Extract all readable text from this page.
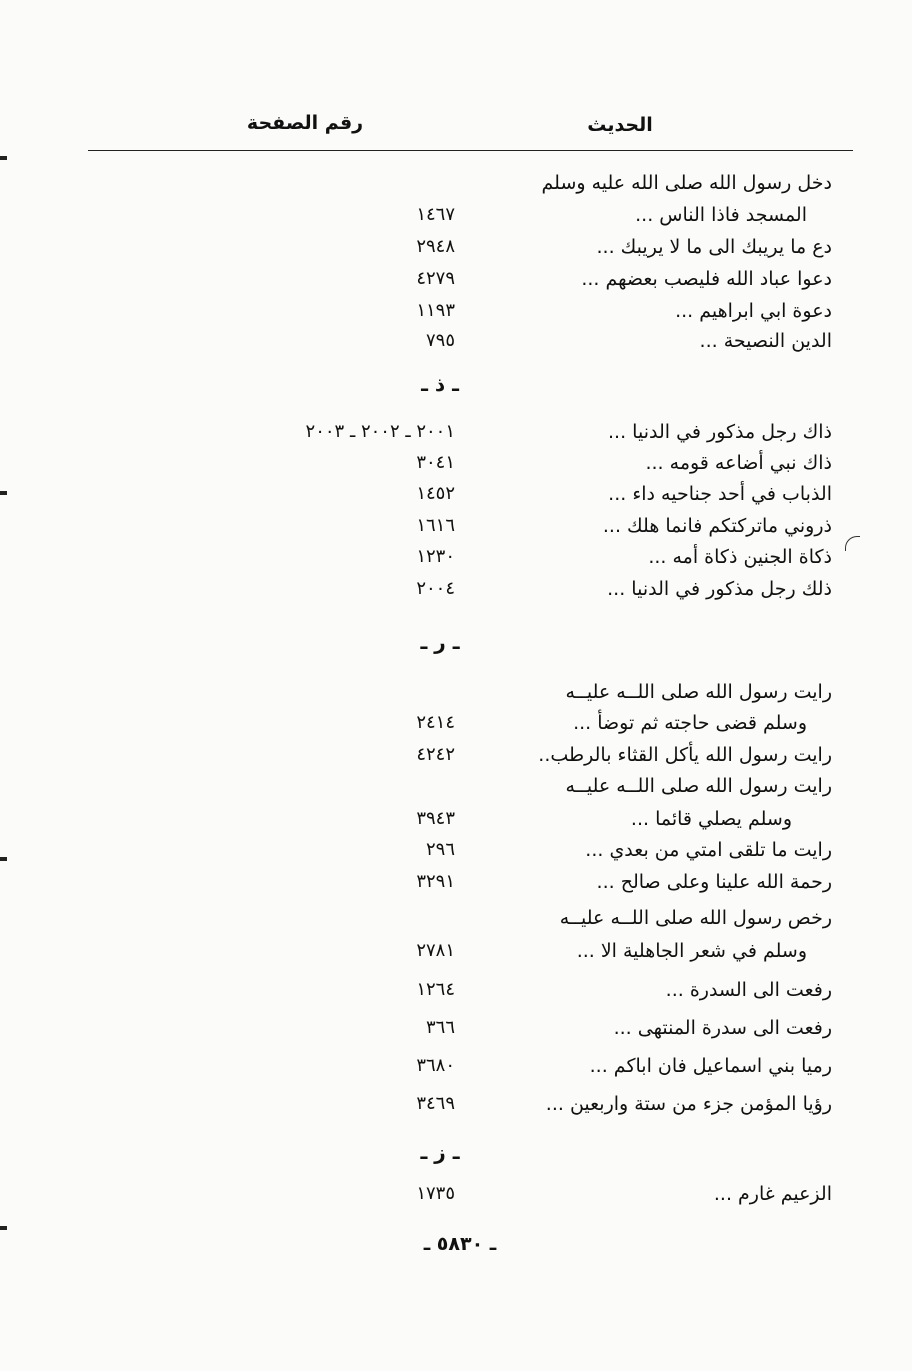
الحديث
رقم الصفحة
دخل رسول الله صلى الله عليه وسلم
المسجد فاذا الناس ...
١٤٦٧
دع ما يريبك الى ما لا يريبك ...
٢٩٤٨
دعوا عباد الله فليصب بعضهم ...
٤٢٧٩
دعوة ابي ابراهيم ...
١١٩٣
الدين النصيحة ...
٧٩٥
ـ ذ ـ
ذاك رجل مذكور في الدنيا ...
٢٠٠١ ـ ٢٠٠٢ ـ ٢٠٠٣
ذاك نبي أضاعه قومه ...
٣٠٤١
الذباب في أحد جناحيه داء ...
١٤٥٢
ذروني ماتركتكم فانما هلك ...
١٦١٦
ذكاة الجنين ذكاة أمه ...
١٢٣٠
ذلك رجل مذكور في الدنيا ...
٢٠٠٤
ـ ر ـ
رايت رسول الله صلى اللــه عليــه
وسلم قضى حاجته ثم توضأ ...
٢٤١٤
رايت رسول الله يأكل القثاء بالرطب..
٤٢٤٢
رايت رسول الله صلى اللــه عليــه
وسلم يصلي قائما ...
٣٩٤٣
رايت ما تلقى امتي من بعدي ...
٢٩٦
رحمة الله علينا وعلى صالح ...
٣٢٩١
رخص رسول الله صلى اللــه عليــه
وسلم في شعر الجاهلية الا ...
٢٧٨١
رفعت الى السدرة ...
١٢٦٤
رفعت الى سدرة المنتهى ...
٣٦٦
رميا بني اسماعيل فان اباكم ...
٣٦٨٠
رؤيا المؤمن جزء من ستة واربعين ...
٣٤٦٩
ـ ز ـ
الزعيم غارم ...
١٧٣٥
ـ ٥٨٣٠ ـ
